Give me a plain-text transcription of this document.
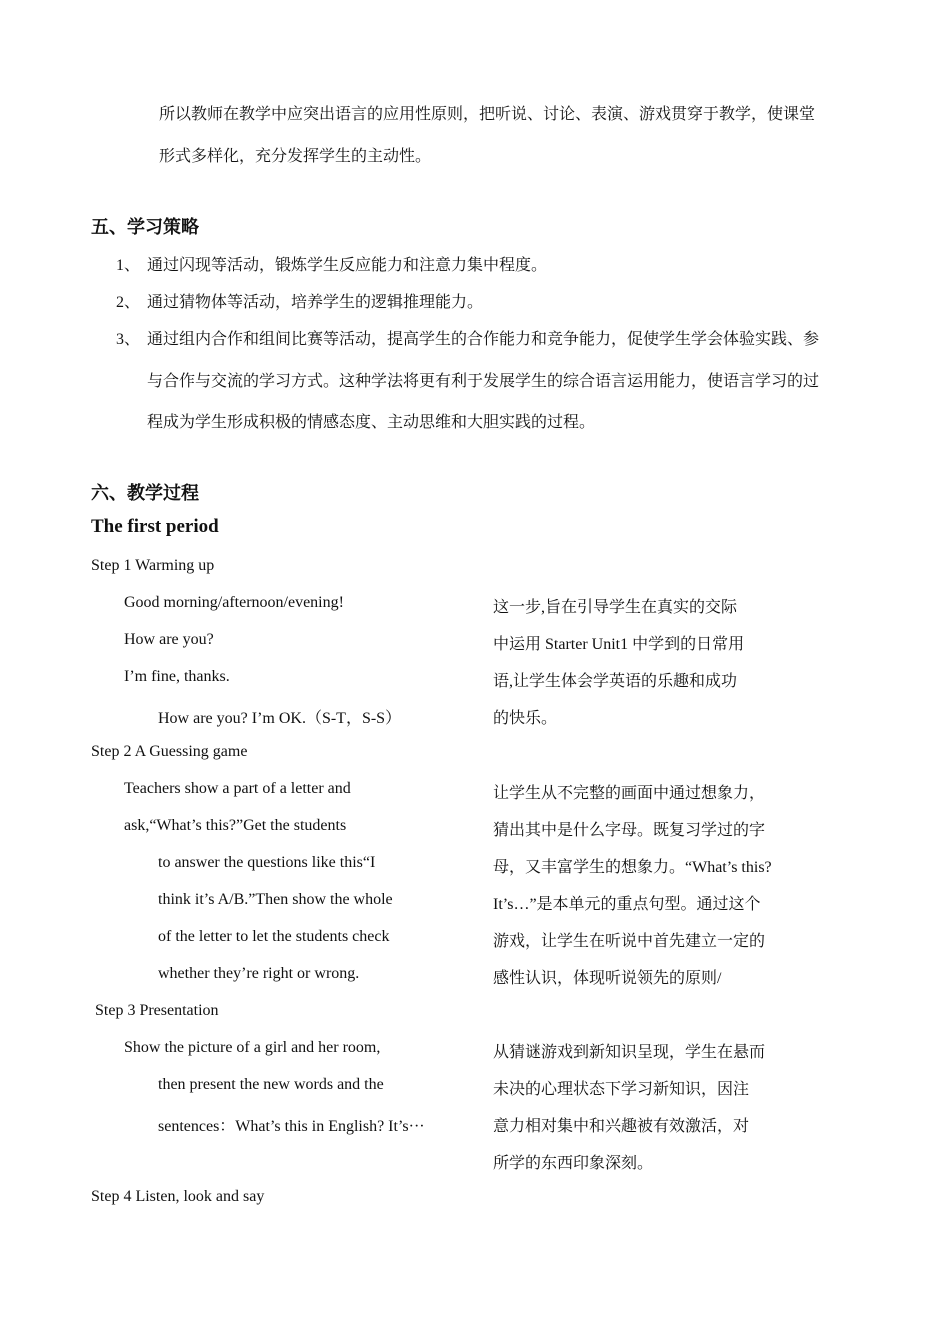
所以教师在教学中应突出语言的应用性原则，把听说、讨论、表演、游戏贯穿于教学，使课堂
形式多样化，充分发挥学生的主动性。
五、学习策略
1、 通过闪现等活动，锻炼学生反应能力和注意力集中程度。
2、 通过猜物体等活动，培养学生的逻辑推理能力。
3、 通过组内合作和组间比赛等活动，提高学生的合作能力和竞争能力，促使学生学会体验实践、参
与合作与交流的学习方式。这种学法将更有利于发展学生的综合语言运用能力，使语言学习的过
程成为学生形成积极的情感态度、主动思维和大胆实践的过程。
六、教学过程
The first period
Step 1 Warming up
Good morning/afternoon/evening!
How are you?
I’m fine, thanks.
How are you? I’m OK.（S-T，S-S）
这一步,旨在引导学生在真实的交际
中运用 Starter Unit1 中学到的日常用
语,让学生体会学英语的乐趣和成功
的快乐。
Step 2 A Guessing game
Teachers show a part of a letter and
ask,“What’s this?”Get the students
to answer the questions like this“I
think it’s A/B.”Then show the whole
of the letter to let the students check
whether they’re right or wrong.
让学生从不完整的画面中通过想象力，
猜出其中是什么字母。既复习学过的字
母，又丰富学生的想象力。“What’s this?
It’s…”是本单元的重点句型。通过这个
游戏，让学生在听说中首先建立一定的
感性认识，体现听说领先的原则/
Step 3 Presentation
Show the picture of a girl and her room,
then present the new words and the
sentences：What’s this in English? It’s···
从猜谜游戏到新知识呈现，学生在悬而
未决的心理状态下学习新知识，因注
意力相对集中和兴趣被有效激活，对
所学的东西印象深刻。
Step 4 Listen, look and say
